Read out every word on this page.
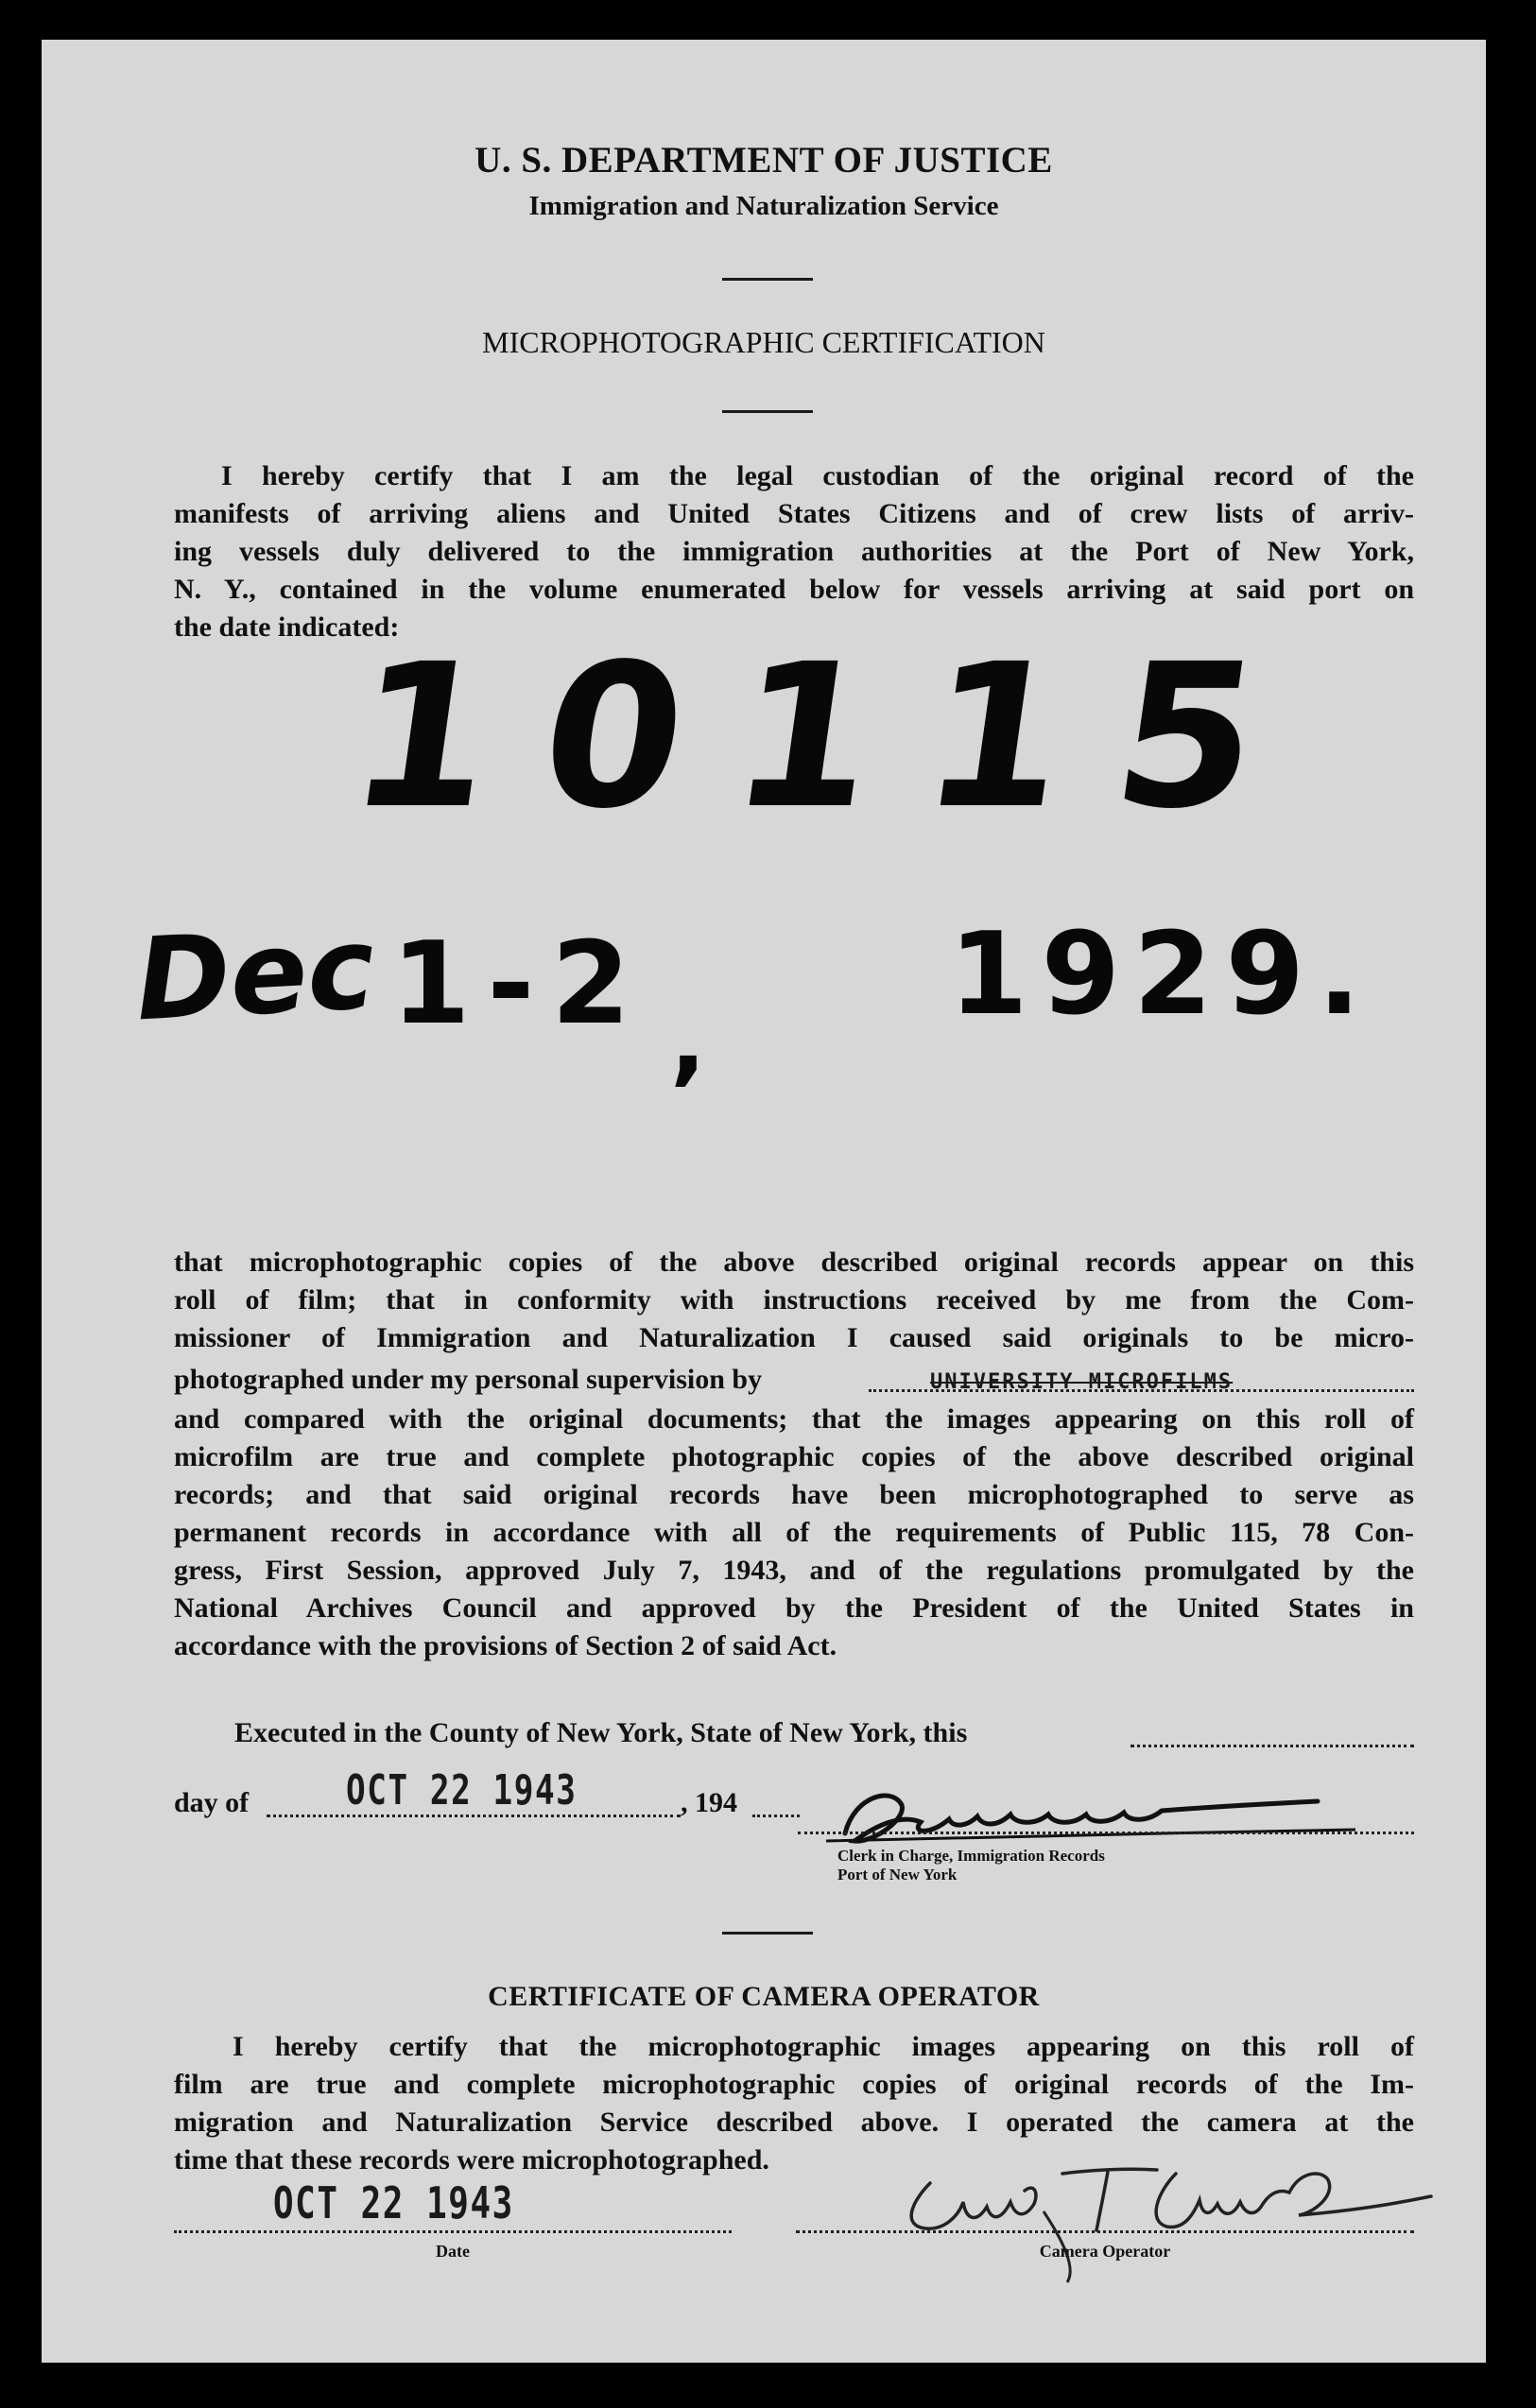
U. S. DEPARTMENT OF JUSTICE
Immigration and Naturalization Service
MICROPHOTOGRAPHIC CERTIFICATION
I hereby certify that I am the legal custodian of the original record of the
manifests of arriving aliens and United States Citizens and of crew lists of arriv-
ing vessels duly delivered to the immigration authorities at the Port of New York,
N. Y., contained in the volume enumerated below for vessels arriving at said port on
the date indicated:
10115
Dec 1-2 ,
1929.
that microphotographic copies of the above described original records appear on this
roll of film; that in conformity with instructions received by me from the Com-
missioner of Immigration and Naturalization I caused said originals to be micro-
photographed under my personal supervision by	UNIVERSITY MICROFILMS
and compared with the original documents; that the images appearing on this roll of
microfilm are true and complete photographic copies of the above described original
records; and that said original records have been microphotographed to serve as
permanent records in accordance with all of the requirements of Public 115, 78 Con-
gress, First Session, approved July 7, 1943, and of the regulations promulgated by the
National Archives Council and approved by the President of the United States in
accordance with the provisions of Section 2 of said Act.
Executed in the County of New York, State of New York, this
day of OCT 22 1943	, 194
Clerk in Charge, Immigration Records
Port of New York
CERTIFICATE OF CAMERA OPERATOR
I hereby certify that the microphotographic images appearing on this roll of
film are true and complete microphotographic copies of original records of the Im-
migration and Naturalization Service described above. I operated the camera at the
time that these records were microphotographed.
OCT 22 1943
Date	Camera Operator
